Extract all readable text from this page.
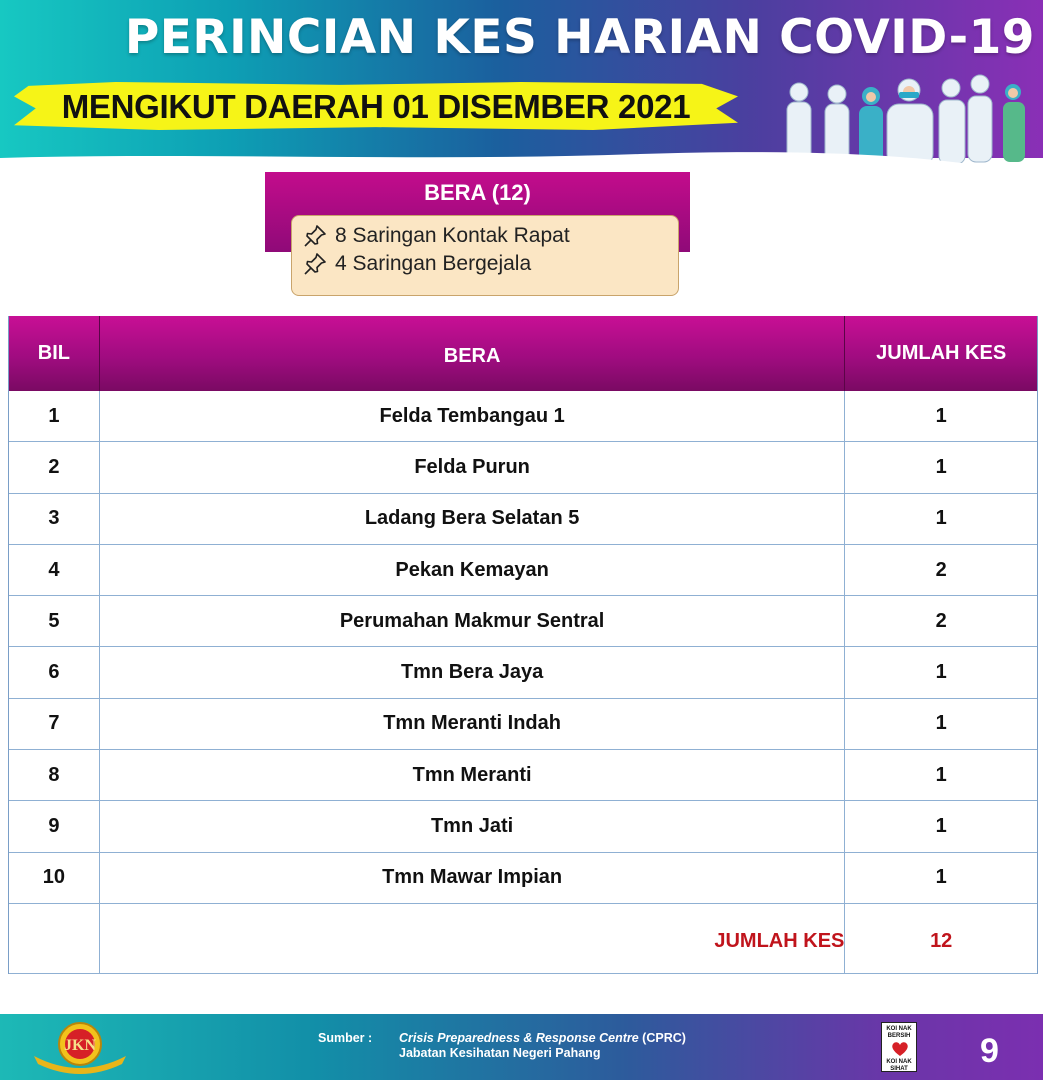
PERINCIAN KES HARIAN COVID-19
MENGIKUT DAERAH 01 DISEMBER 2021
BERA (12)
8 Saringan Kontak Rapat
4 Saringan Bergejala
BIL	BERA	JUMLAH KES
1	Felda Tembangau 1	1
2	Felda Purun	1
3	Ladang Bera Selatan 5	1
4	Pekan Kemayan	2
5	Perumahan Makmur Sentral	2
6	Tmn Bera Jaya	1
7	Tmn Meranti Indah	1
8	Tmn Meranti	1
9	Tmn Jati	1
10	Tmn Mawar Impian	1
JUMLAH KES	12
JKN	Sumber : Crisis Preparedness & Response Centre (CPRC)
Jabatan Kesihatan Negeri Pahang
KOI NAK BERSIH
KOI NAK SIHAT 9
